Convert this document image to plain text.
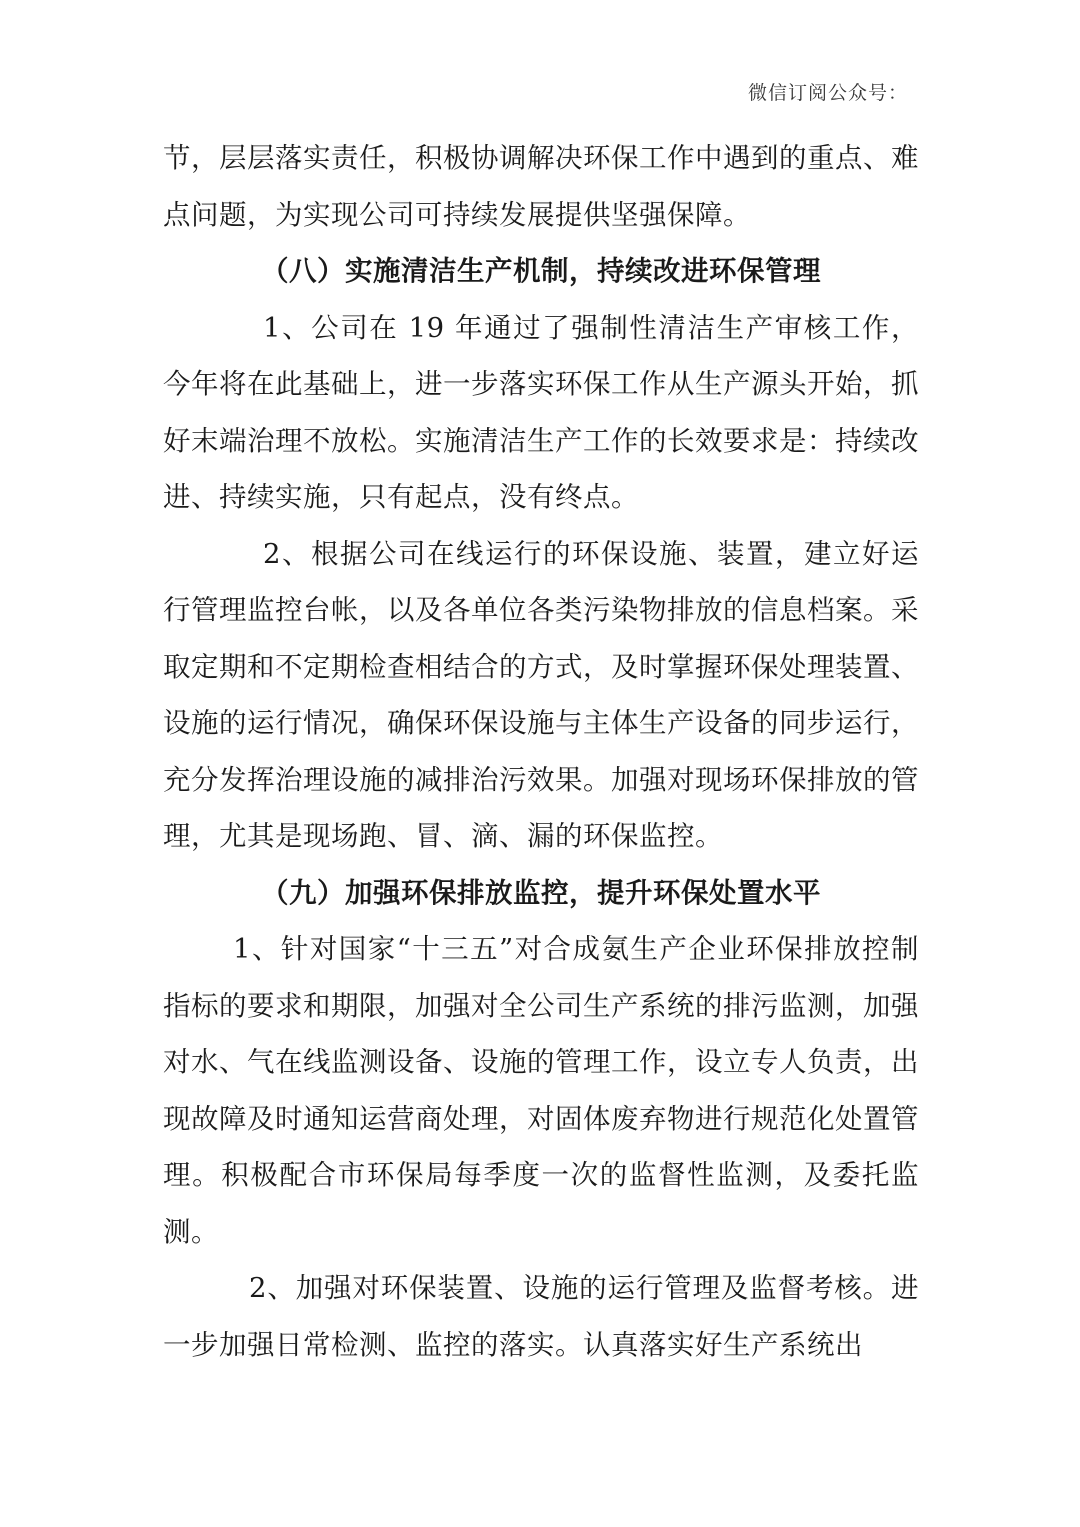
微信订阅公众号：

节，层层落实责任，积极协调解决环保工作中遇到的重点、难点问题，为实现公司可持续发展提供坚强保障。

（八）实施清洁生产机制，持续改进环保管理

1、公司在 19 年通过了强制性清洁生产审核工作，今年将在此基础上，进一步落实环保工作从生产源头开始，抓好末端治理不放松。实施清洁生产工作的长效要求是：持续改进、持续实施，只有起点，没有终点。

2、根据公司在线运行的环保设施、装置，建立好运行管理监控台帐，以及各单位各类污染物排放的信息档案。采取定期和不定期检查相结合的方式，及时掌握环保处理装置、设施的运行情况，确保环保设施与主体生产设备的同步运行，充分发挥治理设施的减排治污效果。加强对现场环保排放的管理，尤其是现场跑、冒、滴、漏的环保监控。

（九）加强环保排放监控，提升环保处置水平

1、针对国家“十三五”对合成氨生产企业环保排放控制指标的要求和期限，加强对全公司生产系统的排污监测，加强对水、气在线监测设备、设施的管理工作，设立专人负责，出现故障及时通知运营商处理，对固体废弃物进行规范化处置管理。积极配合市环保局每季度一次的监督性监测，及委托监测。

2、加强对环保装置、设施的运行管理及监督考核。进一步加强日常检测、监控的落实。认真落实好生产系统出
